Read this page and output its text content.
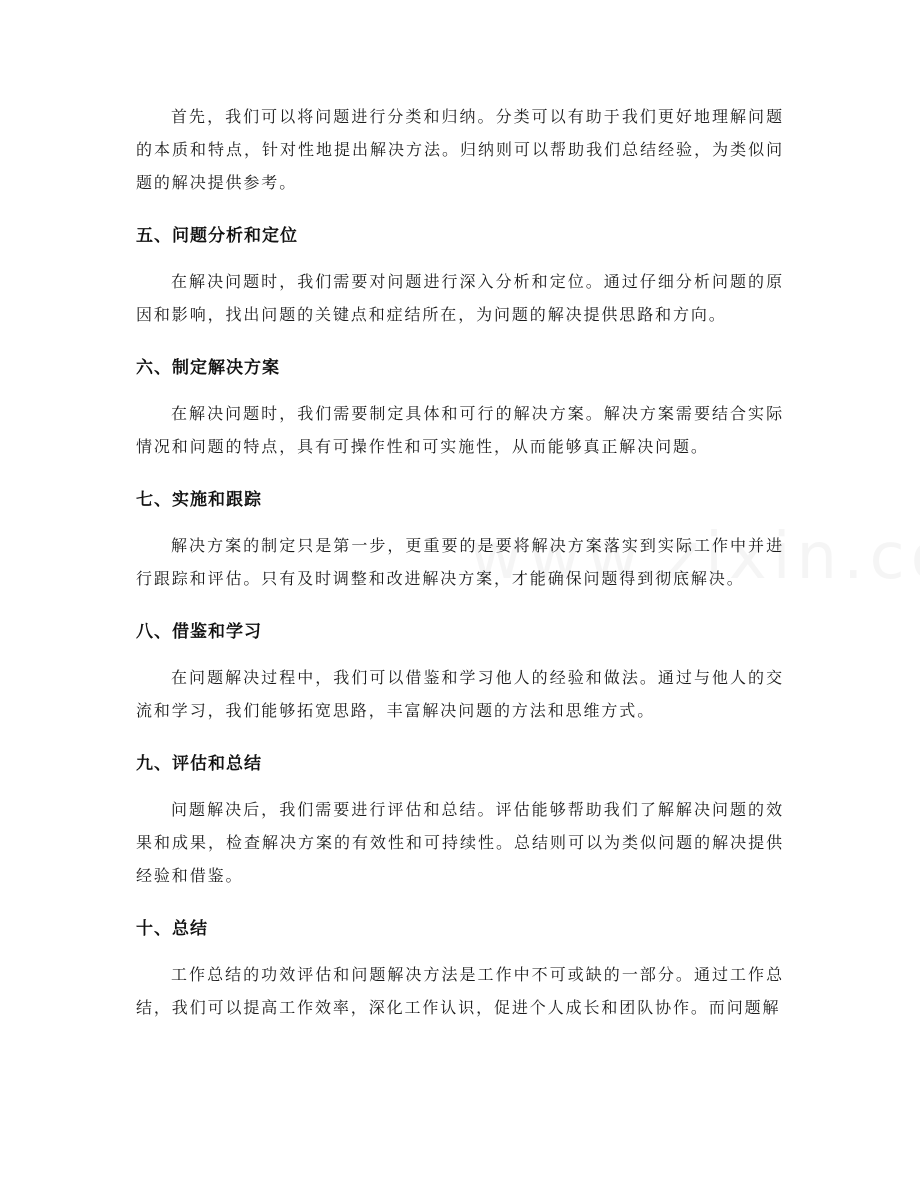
首先，我们可以将问题进行分类和归纳。分类可以有助于我们更好地理解问题的本质和特点，针对性地提出解决方法。归纳则可以帮助我们总结经验，为类似问题的解决提供参考。

五、问题分析和定位

在解决问题时，我们需要对问题进行深入分析和定位。通过仔细分析问题的原因和影响，找出问题的关键点和症结所在，为问题的解决提供思路和方向。

六、制定解决方案

在解决问题时，我们需要制定具体和可行的解决方案。解决方案需要结合实际情况和问题的特点，具有可操作性和可实施性，从而能够真正解决问题。

七、实施和跟踪

解决方案的制定只是第一步，更重要的是要将解决方案落实到实际工作中并进行跟踪和评估。只有及时调整和改进解决方案，才能确保问题得到彻底解决。

八、借鉴和学习

在问题解决过程中，我们可以借鉴和学习他人的经验和做法。通过与他人的交流和学习，我们能够拓宽思路，丰富解决问题的方法和思维方式。

九、评估和总结

问题解决后，我们需要进行评估和总结。评估能够帮助我们了解解决问题的效果和成果，检查解决方案的有效性和可持续性。总结则可以为类似问题的解决提供经验和借鉴。

十、总结

工作总结的功效评估和问题解决方法是工作中不可或缺的一部分。通过工作总结，我们可以提高工作效率，深化工作认识，促进个人成长和团队协作。而问题解
